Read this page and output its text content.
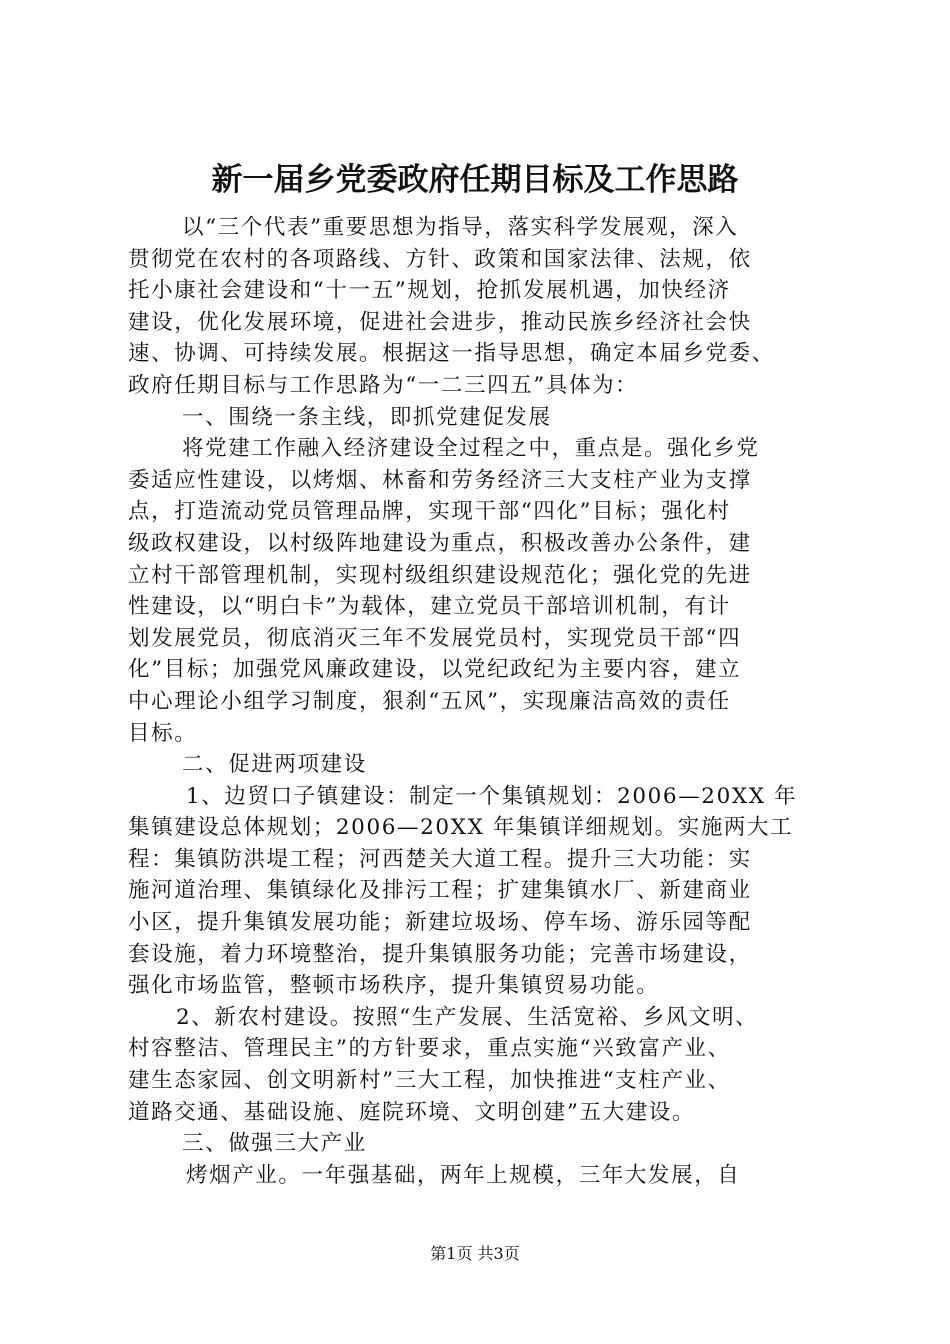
新一届乡党委政府任期目标及工作思路
以“三个代表”重要思想为指导，落实科学发展观，深入
贯彻党在农村的各项路线、方针、政策和国家法律、法规，依
托小康社会建设和“十一五”规划，抢抓发展机遇，加快经济
建设，优化发展环境，促进社会进步，推动民族乡经济社会快
速、协调、可持续发展。根据这一指导思想，确定本届乡党委、
政府任期目标与工作思路为“一二三四五”具体为：
一、围绕一条主线，即抓党建促发展
将党建工作融入经济建设全过程之中，重点是。强化乡党
委适应性建设，以烤烟、林畜和劳务经济三大支柱产业为支撑
点，打造流动党员管理品牌，实现干部“四化”目标；强化村
级政权建设，以村级阵地建设为重点，积极改善办公条件，建
立村干部管理机制，实现村级组织建设规范化；强化党的先进
性建设，以“明白卡”为载体，建立党员干部培训机制，有计
划发展党员，彻底消灭三年不发展党员村，实现党员干部“四
化”目标；加强党风廉政建设，以党纪政纪为主要内容，建立
中心理论小组学习制度，狠刹“五风”，实现廉洁高效的责任
目标。
二、促进两项建设
1、边贸口子镇建设：制定一个集镇规划：2006—20XX 年
集镇建设总体规划；2006—20XX 年集镇详细规划。实施两大工
程：集镇防洪堤工程；河西楚关大道工程。提升三大功能：实
施河道治理、集镇绿化及排污工程；扩建集镇水厂、新建商业
小区，提升集镇发展功能；新建垃圾场、停车场、游乐园等配
套设施，着力环境整治，提升集镇服务功能；完善市场建设，
强化市场监管，整顿市场秩序，提升集镇贸易功能。
2、新农村建设。按照“生产发展、生活宽裕、乡风文明、
村容整洁、管理民主”的方针要求，重点实施“兴致富产业、
建生态家园、创文明新村”三大工程，加快推进“支柱产业、
道路交通、基础设施、庭院环境、文明创建”五大建设。
三、做强三大产业
烤烟产业。一年强基础，两年上规模，三年大发展，自
第1页 共3页
